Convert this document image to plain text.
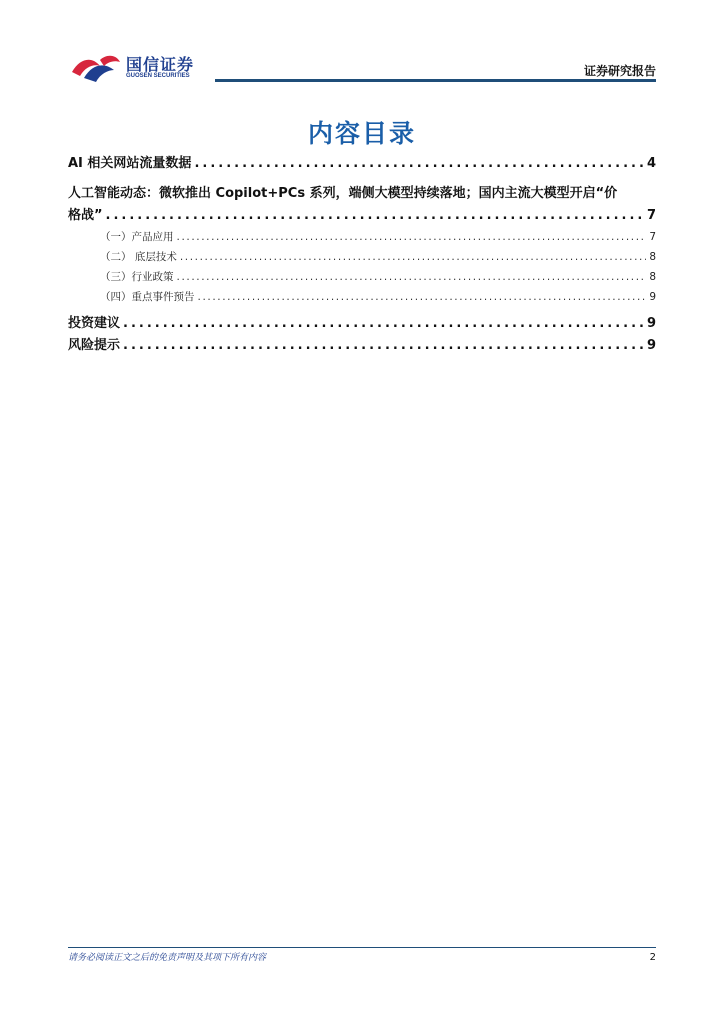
国信证券
GUOSEN SECURITIES	证券研究报告
内容目录
AI 相关网站流量数据 .....	4
人工智能动态：微软推出 Copilot+PCs 系列，端侧大模型持续落地；国内主流大模型开启“价
格战” .....	7
（一）产品应用 .....	7
（二） 底层技术 .....	8
（三）行业政策 .....	8
（四）重点事件预告 .....	9
投资建议 .....	9
风险提示 .....	9
请务必阅读正文之后的免责声明及其项下所有内容	2
